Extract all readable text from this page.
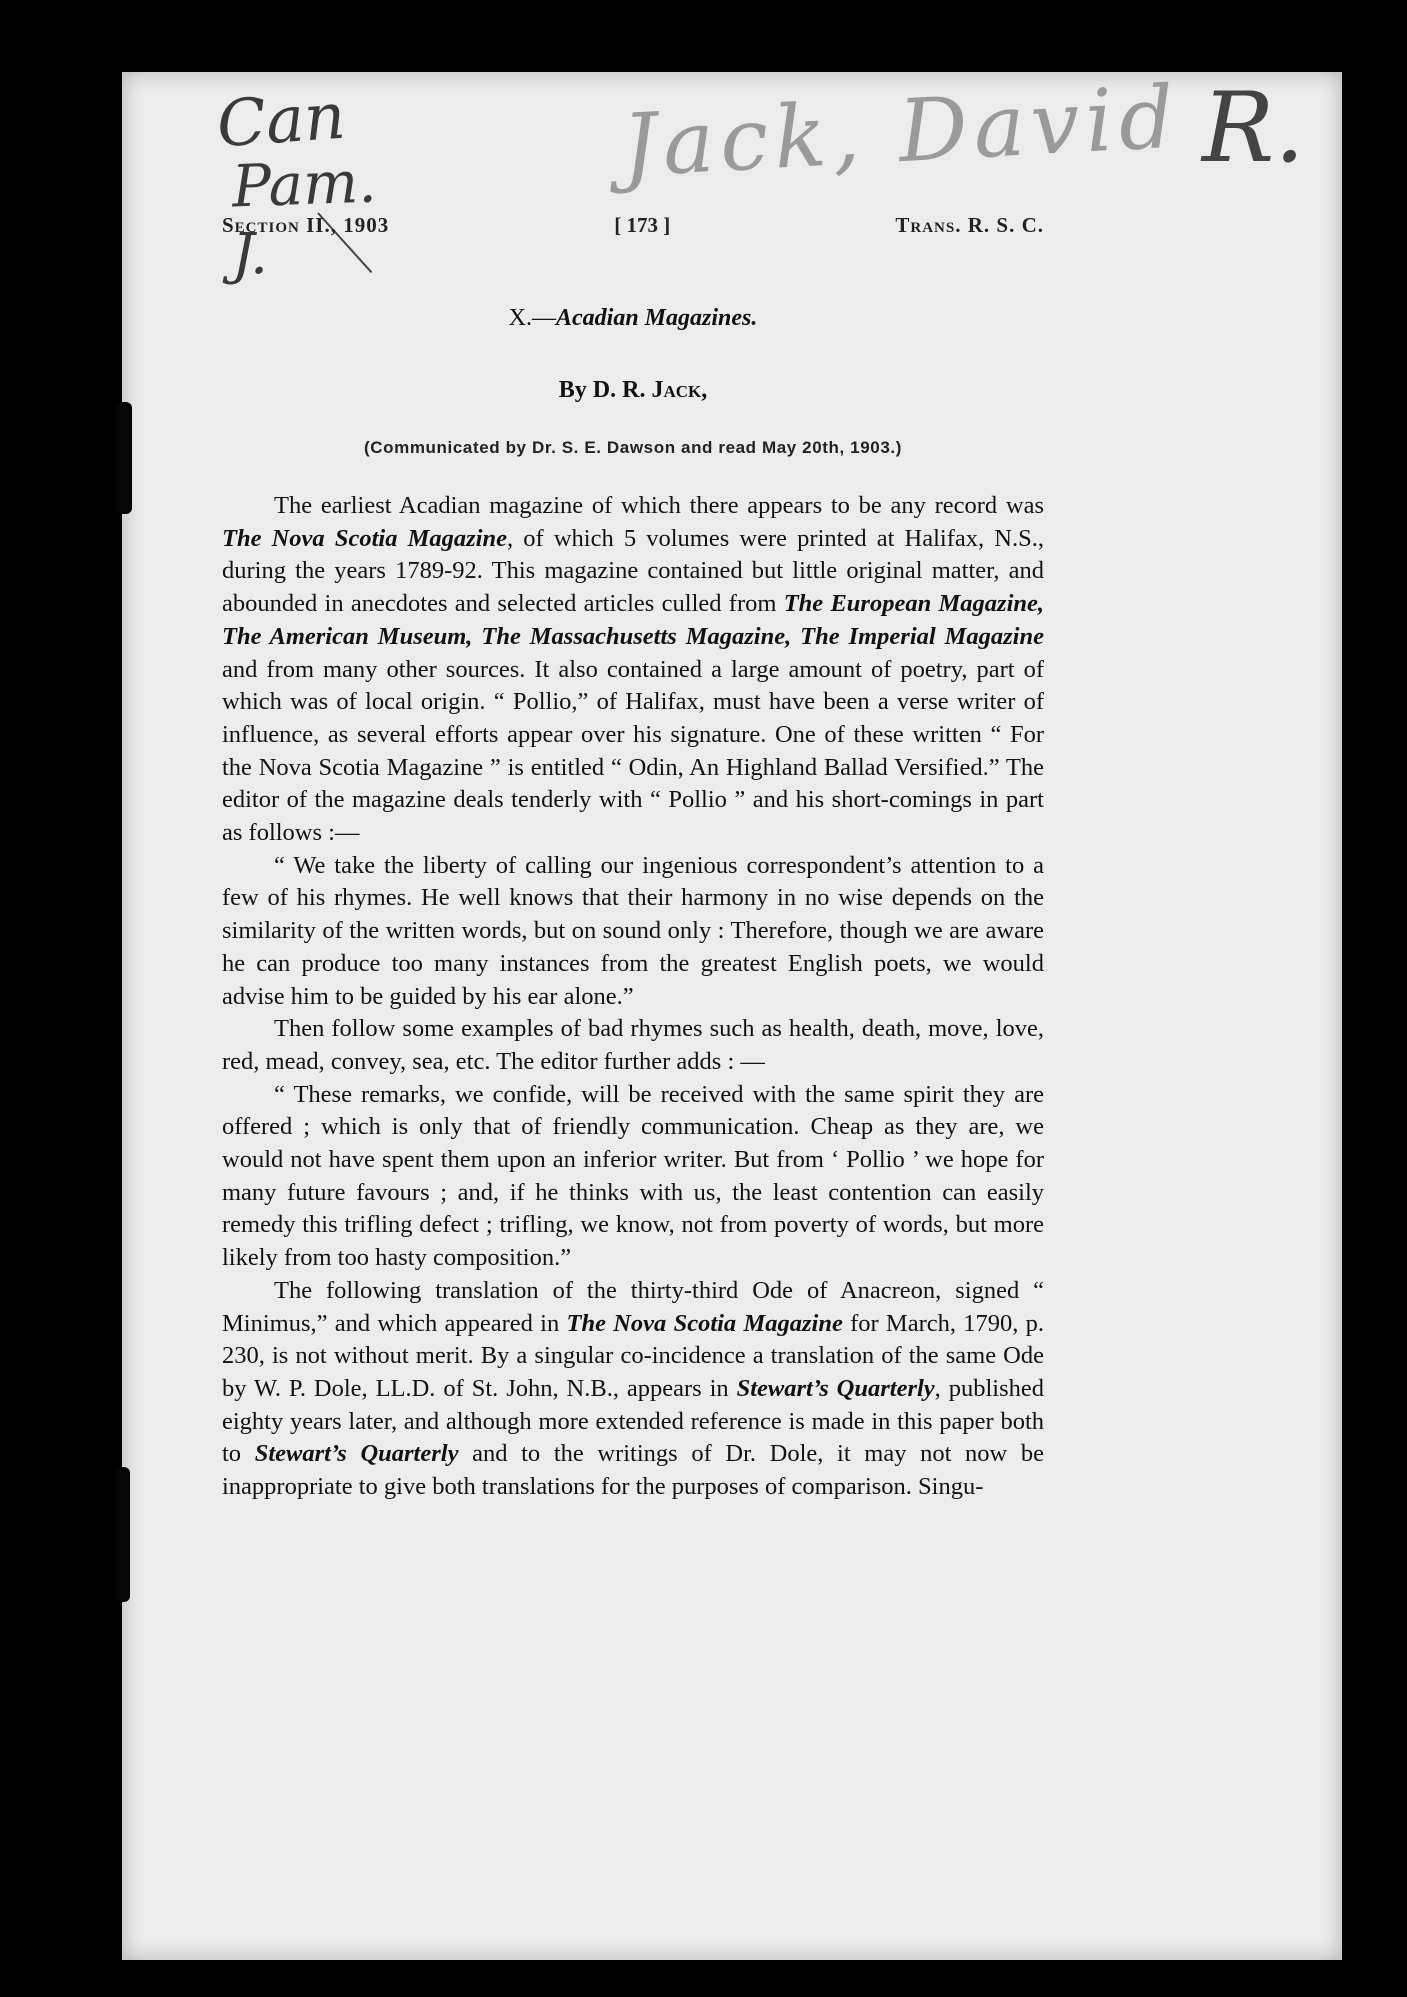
Can
Pam.
J.
Jack, David R.
Section II., 1903	[ 173 ]	Trans. R. S. C.
X.—Acadian Magazines.
By D. R. Jack,
(Communicated by Dr. S. E. Dawson and read May 20th, 1903.)

The earliest Acadian magazine of which there appears to be any record was The Nova Scotia Magazine, of which 5 volumes were printed at Halifax, N.S., during the years 1789-92. This magazine contained but little original matter, and abounded in anecdotes and selected articles culled from The European Magazine, The American Museum, The Massachusetts Magazine, The Imperial Magazine and from many other sources. It also contained a large amount of poetry, part of which was of local origin. “ Pollio,” of Halifax, must have been a verse writer of influence, as several efforts appear over his signature. One of these written “ For the Nova Scotia Magazine ” is entitled “ Odin, An Highland Ballad Versified.” The editor of the magazine deals tenderly with “ Pollio ” and his short-comings in part as follows :—

“ We take the liberty of calling our ingenious correspondent’s attention to a few of his rhymes. He well knows that their harmony in no wise depends on the similarity of the written words, but on sound only : Therefore, though we are aware he can produce too many instances from the greatest English poets, we would advise him to be guided by his ear alone.”

Then follow some examples of bad rhymes such as health, death, move, love, red, mead, convey, sea, etc. The editor further adds : —

“ These remarks, we confide, will be received with the same spirit they are offered ; which is only that of friendly communication. Cheap as they are, we would not have spent them upon an inferior writer. But from ‘ Pollio ’ we hope for many future favours ; and, if he thinks with us, the least contention can easily remedy this trifling defect ; trifling, we know, not from poverty of words, but more likely from too hasty composition.”

The following translation of the thirty-third Ode of Anacreon, signed “ Minimus,” and which appeared in The Nova Scotia Magazine for March, 1790, p. 230, is not without merit. By a singular co-incidence a translation of the same Ode by W. P. Dole, LL.D. of St. John, N.B., appears in Stewart’s Quarterly, published eighty years later, and although more extended reference is made in this paper both to Stewart’s Quarterly and to the writings of Dr. Dole, it may not now be inappropriate to give both translations for the purposes of comparison. Singu-
